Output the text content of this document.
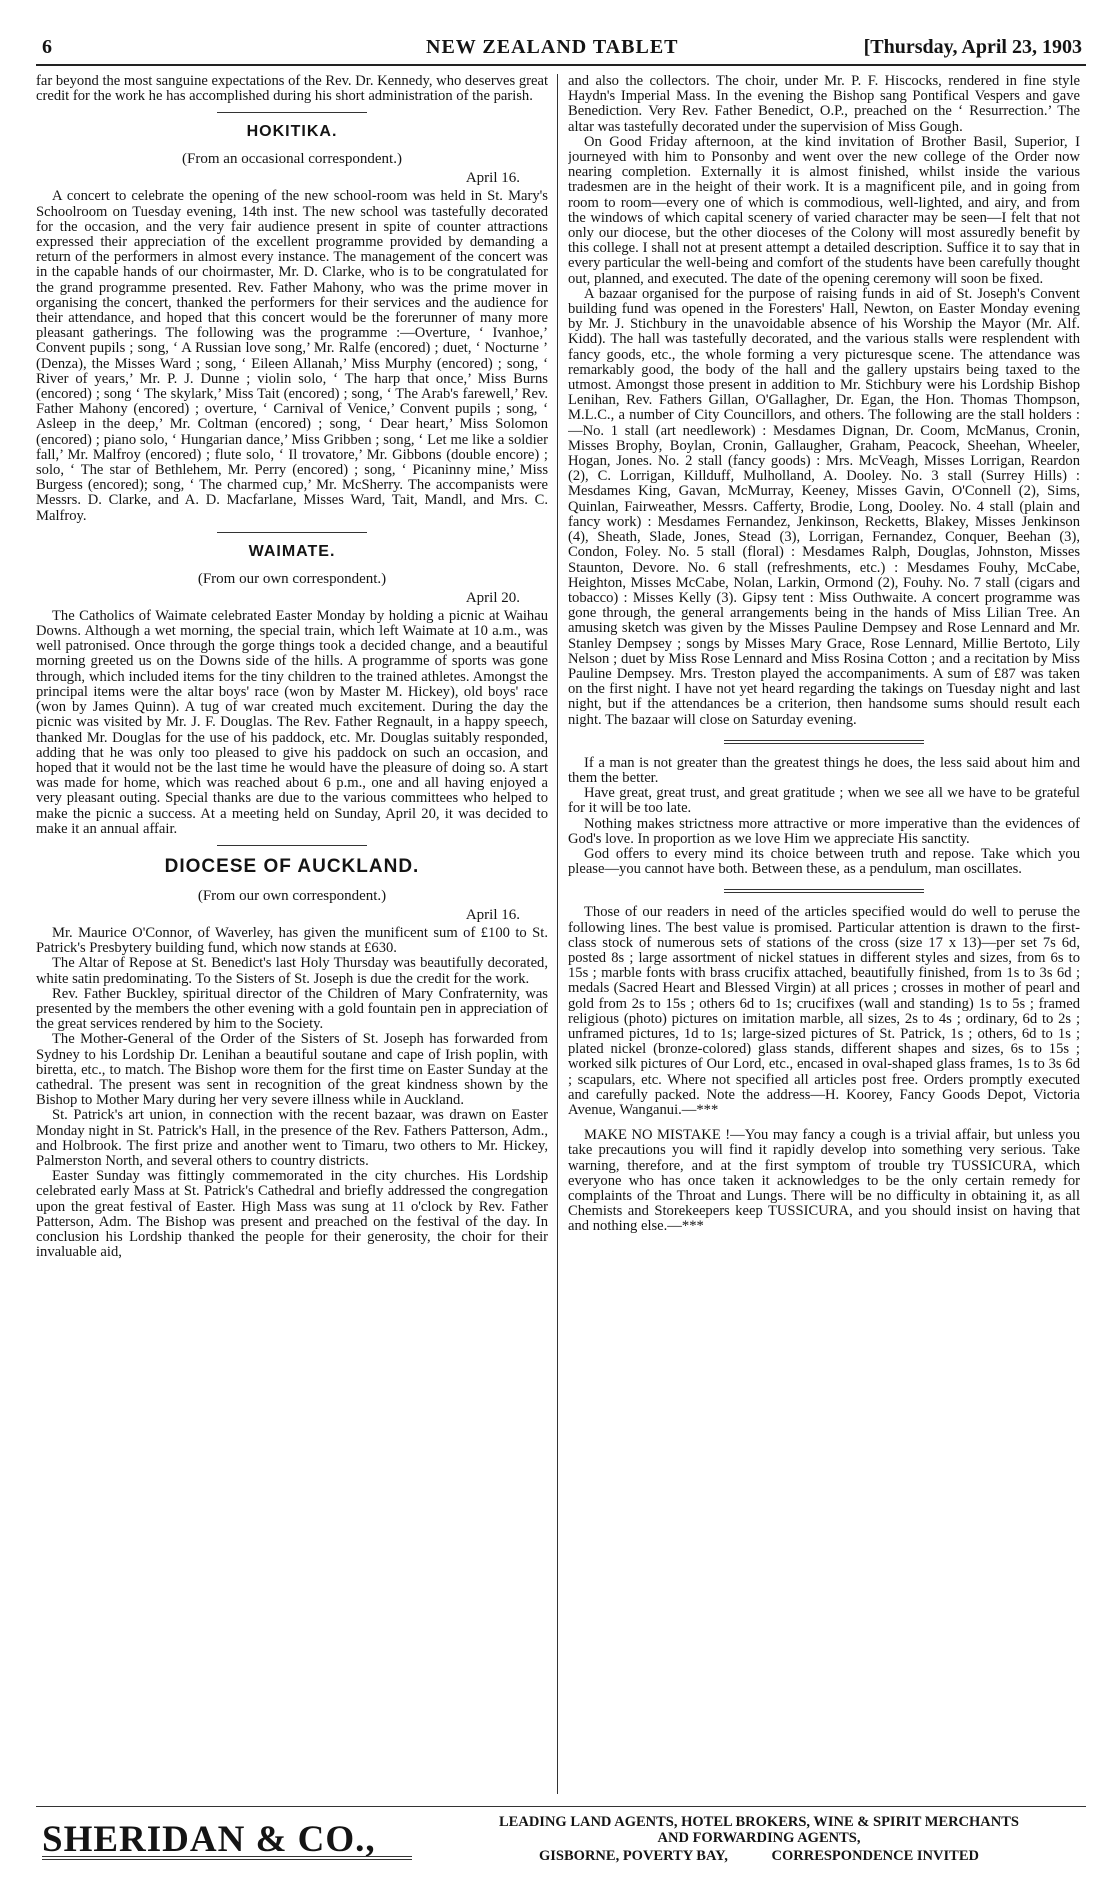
6	NEW ZEALAND TABLET	[Thursday, April 23, 1903

far beyond the most sanguine expectations of the Rev. Dr. Kennedy, who deserves great credit for the work he has accomplished during his short administration of the parish.

HOKITIKA.
(From an occasional correspondent.)
April 16.

A concert to celebrate the opening of the new school-room was held in St. Mary's Schoolroom on Tuesday evening, 14th inst. The new school was tastefully decorated for the occasion, and the very fair audience present in spite of counter attractions expressed their appreciation of the excellent programme provided by demanding a return of the performers in almost every instance. The management of the concert was in the capable hands of our choirmaster, Mr. D. Clarke, who is to be congratulated for the grand programme presented. Rev. Father Mahony, who was the prime mover in organising the concert, thanked the performers for their services and the audience for their attendance, and hoped that this concert would be the forerunner of many more pleasant gatherings. The following was the programme :—Overture, ‘ Ivanhoe,’ Convent pupils ; song, ‘ A Russian love song,’ Mr. Ralfe (encored) ; duet, ‘ Nocturne ’ (Denza), the Misses Ward ; song, ‘ Eileen Allanah,’ Miss Murphy (encored) ; song, ‘ River of years,’ Mr. P. J. Dunne ; violin solo, ‘ The harp that once,’ Miss Burns (encored) ; song ‘ The skylark,’ Miss Tait (encored) ; song, ‘ The Arab's farewell,’ Rev. Father Mahony (encored) ; overture, ‘ Carnival of Venice,’ Convent pupils ; song, ‘ Asleep in the deep,’ Mr. Coltman (encored) ; song, ‘ Dear heart,’ Miss Solomon (encored) ; piano solo, ‘ Hungarian dance,’ Miss Gribben ; song, ‘ Let me like a soldier fall,’ Mr. Malfroy (encored) ; flute solo, ‘ Il trovatore,’ Mr. Gibbons (double encore) ; solo, ‘ The star of Bethlehem, Mr. Perry (encored) ; song, ‘ Picaninny mine,’ Miss Burgess (encored); song, ‘ The charmed cup,’ Mr. McSherry. The accompanists were Messrs. D. Clarke, and A. D. Macfarlane, Misses Ward, Tait, Mandl, and Mrs. C. Malfroy.

WAIMATE.
(From our own correspondent.)
April 20.

The Catholics of Waimate celebrated Easter Monday by holding a picnic at Waihau Downs. Although a wet morning, the special train, which left Waimate at 10 a.m., was well patronised. Once through the gorge things took a decided change, and a beautiful morning greeted us on the Downs side of the hills. A programme of sports was gone through, which included items for the tiny children to the trained athletes. Amongst the principal items were the altar boys' race (won by Master M. Hickey), old boys' race (won by James Quinn). A tug of war created much excitement. During the day the picnic was visited by Mr. J. F. Douglas. The Rev. Father Regnault, in a happy speech, thanked Mr. Douglas for the use of his paddock, etc. Mr. Douglas suitably responded, adding that he was only too pleased to give his paddock on such an occasion, and hoped that it would not be the last time he would have the pleasure of doing so. A start was made for home, which was reached about 6 p.m., one and all having enjoyed a very pleasant outing. Special thanks are due to the various committees who helped to make the picnic a success. At a meeting held on Sunday, April 20, it was decided to make it an annual affair.

DIOCESE OF AUCKLAND.
(From our own correspondent.)
April 16.

Mr. Maurice O'Connor, of Waverley, has given the munificent sum of £100 to St. Patrick's Presbytery building fund, which now stands at £630.

The Altar of Repose at St. Benedict's last Holy Thursday was beautifully decorated, white satin predominating. To the Sisters of St. Joseph is due the credit for the work.

Rev. Father Buckley, spiritual director of the Children of Mary Confraternity, was presented by the members the other evening with a gold fountain pen in appreciation of the great services rendered by him to the Society.

The Mother-General of the Order of the Sisters of St. Joseph has forwarded from Sydney to his Lordship Dr. Lenihan a beautiful soutane and cape of Irish poplin, with biretta, etc., to match. The Bishop wore them for the first time on Easter Sunday at the cathedral. The present was sent in recognition of the great kindness shown by the Bishop to Mother Mary during her very severe illness while in Auckland.

St. Patrick's art union, in connection with the recent bazaar, was drawn on Easter Monday night in St. Patrick's Hall, in the presence of the Rev. Fathers Patterson, Adm., and Holbrook. The first prize and another went to Timaru, two others to Mr. Hickey, Palmerston North, and several others to country districts.

Easter Sunday was fittingly commemorated in the city churches. His Lordship celebrated early Mass at St. Patrick's Cathedral and briefly addressed the congregation upon the great festival of Easter. High Mass was sung at 11 o'clock by Rev. Father Patterson, Adm. The Bishop was present and preached on the festival of the day. In conclusion his Lordship thanked the people for their generosity, the choir for their invaluable aid,

and also the collectors. The choir, under Mr. P. F. Hiscocks, rendered in fine style Haydn's Imperial Mass. In the evening the Bishop sang Pontifical Vespers and gave Benediction. Very Rev. Father Benedict, O.P., preached on the ‘ Resurrection.’ The altar was tastefully decorated under the supervision of Miss Gough.

On Good Friday afternoon, at the kind invitation of Brother Basil, Superior, I journeyed with him to Ponsonby and went over the new college of the Order now nearing completion. Externally it is almost finished, whilst inside the various tradesmen are in the height of their work. It is a magnificent pile, and in going from room to room—every one of which is commodious, well-lighted, and airy, and from the windows of which capital scenery of varied character may be seen—I felt that not only our diocese, but the other dioceses of the Colony will most assuredly benefit by this college. I shall not at present attempt a detailed description. Suffice it to say that in every particular the well-being and comfort of the students have been carefully thought out, planned, and executed. The date of the opening ceremony will soon be fixed.

A bazaar organised for the purpose of raising funds in aid of St. Joseph's Convent building fund was opened in the Foresters' Hall, Newton, on Easter Monday evening by Mr. J. Stichbury in the unavoidable absence of his Worship the Mayor (Mr. Alf. Kidd). The hall was tastefully decorated, and the various stalls were resplendent with fancy goods, etc., the whole forming a very picturesque scene. The attendance was remarkably good, the body of the hall and the gallery upstairs being taxed to the utmost. Amongst those present in addition to Mr. Stichbury were his Lordship Bishop Lenihan, Rev. Fathers Gillan, O'Gallagher, Dr. Egan, the Hon. Thomas Thompson, M.L.C., a number of City Councillors, and others. The following are the stall holders :—No. 1 stall (art needlework) : Mesdames Dignan, Dr. Coom, McManus, Cronin, Misses Brophy, Boylan, Cronin, Gallaugher, Graham, Peacock, Sheehan, Wheeler, Hogan, Jones. No. 2 stall (fancy goods) : Mrs. McVeagh, Misses Lorrigan, Reardon (2), C. Lorrigan, Killduff, Mulholland, A. Dooley. No. 3 stall (Surrey Hills) : Mesdames King, Gavan, McMurray, Keeney, Misses Gavin, O'Connell (2), Sims, Quinlan, Fairweather, Messrs. Cafferty, Brodie, Long, Dooley. No. 4 stall (plain and fancy work) : Mesdames Fernandez, Jenkinson, Recketts, Blakey, Misses Jenkinson (4), Sheath, Slade, Jones, Stead (3), Lorrigan, Fernandez, Conquer, Beehan (3), Condon, Foley. No. 5 stall (floral) : Mesdames Ralph, Douglas, Johnston, Misses Staunton, Devore. No. 6 stall (refreshments, etc.) : Mesdames Fouhy, McCabe, Heighton, Misses McCabe, Nolan, Larkin, Ormond (2), Fouhy. No. 7 stall (cigars and tobacco) : Misses Kelly (3). Gipsy tent : Miss Outhwaite. A concert programme was gone through, the general arrangements being in the hands of Miss Lilian Tree. An amusing sketch was given by the Misses Pauline Dempsey and Rose Lennard and Mr. Stanley Dempsey ; songs by Misses Mary Grace, Rose Lennard, Millie Bertoto, Lily Nelson ; duet by Miss Rose Lennard and Miss Rosina Cotton ; and a recitation by Miss Pauline Dempsey. Mrs. Treston played the accompaniments. A sum of £87 was taken on the first night. I have not yet heard regarding the takings on Tuesday night and last night, but if the attendances be a criterion, then handsome sums should result each night. The bazaar will close on Saturday evening.

If a man is not greater than the greatest things he does, the less said about him and them the better.

Have great, great trust, and great gratitude ; when we see all we have to be grateful for it will be too late.

Nothing makes strictness more attractive or more imperative than the evidences of God's love. In proportion as we love Him we appreciate His sanctity.

God offers to every mind its choice between truth and repose. Take which you please—you cannot have both. Between these, as a pendulum, man oscillates.

Those of our readers in need of the articles specified would do well to peruse the following lines. The best value is promised. Particular attention is drawn to the first-class stock of numerous sets of stations of the cross (size 17 x 13)—per set 7s 6d, posted 8s ; large assortment of nickel statues in different styles and sizes, from 6s to 15s ; marble fonts with brass crucifix attached, beautifully finished, from 1s to 3s 6d ; medals (Sacred Heart and Blessed Virgin) at all prices ; crosses in mother of pearl and gold from 2s to 15s ; others 6d to 1s; crucifixes (wall and standing) 1s to 5s ; framed religious (photo) pictures on imitation marble, all sizes, 2s to 4s ; ordinary, 6d to 2s ; unframed pictures, 1d to 1s; large-sized pictures of St. Patrick, 1s ; others, 6d to 1s ; plated nickel (bronze-colored) glass stands, different shapes and sizes, 6s to 15s ; worked silk pictures of Our Lord, etc., encased in oval-shaped glass frames, 1s to 3s 6d ; scapulars, etc. Where not specified all articles post free. Orders promptly executed and carefully packed. Note the address—H. Koorey, Fancy Goods Depot, Victoria Avenue, Wanganui.—***

MAKE NO MISTAKE !—You may fancy a cough is a trivial affair, but unless you take precautions you will find it rapidly develop into something very serious. Take warning, therefore, and at the first symptom of trouble try TUSSICURA, which everyone who has once taken it acknowledges to be the only certain remedy for complaints of the Throat and Lungs. There will be no difficulty in obtaining it, as all Chemists and Storekeepers keep TUSSICURA, and you should insist on having that and nothing else.—***

SHERIDAN & CO.,	LEADING LAND AGENTS, HOTEL BROKERS, WINE & SPIRIT MERCHANTS
AND FORWARDING AGENTS,
GISBORNE, POVERTY BAY,	CORRESPONDENCE INVITED
